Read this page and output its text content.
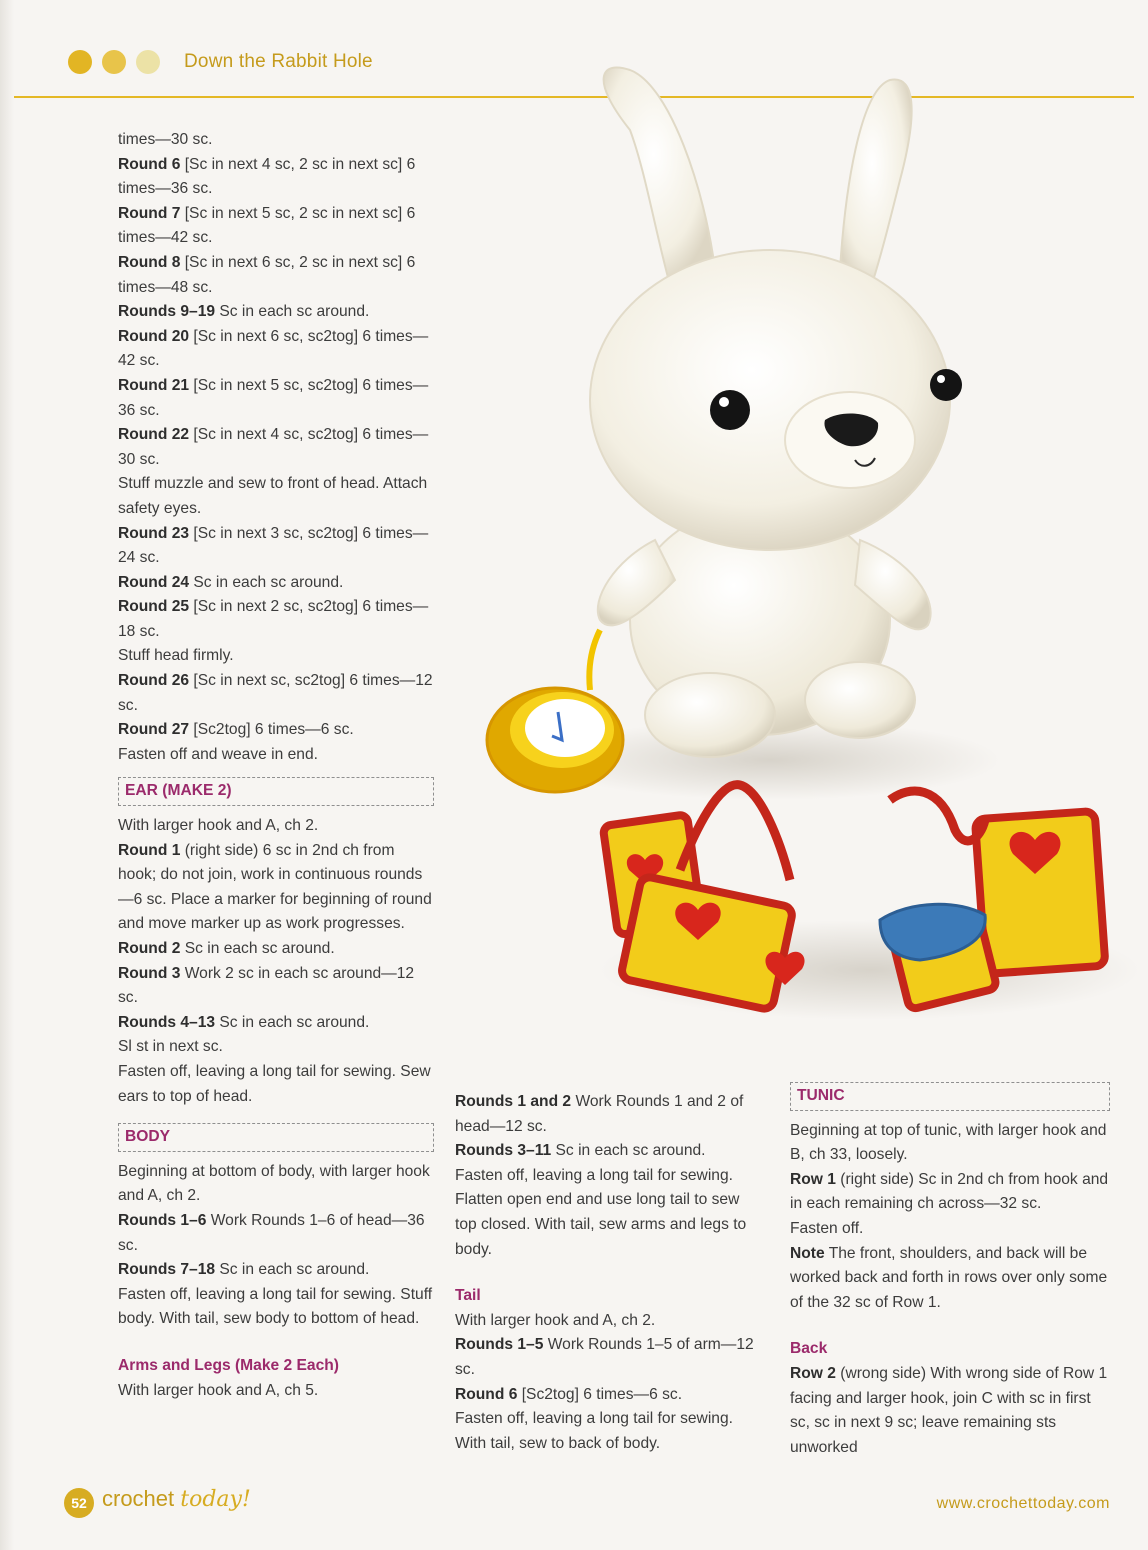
Down the Rabbit Hole

times—30 sc.

Round 6 [Sc in next 4 sc, 2 sc in next sc] 6 times—36 sc.

Round 7 [Sc in next 5 sc, 2 sc in next sc] 6 times—42 sc.

Round 8 [Sc in next 6 sc, 2 sc in next sc] 6 times—48 sc.

Rounds 9–19 Sc in each sc around.

Round 20 [Sc in next 6 sc, sc2tog] 6 times—42 sc.

Round 21 [Sc in next 5 sc, sc2tog] 6 times—36 sc.

Round 22 [Sc in next 4 sc, sc2tog] 6 times—30 sc.

Stuff muzzle and sew to front of head. Attach safety eyes.

Round 23 [Sc in next 3 sc, sc2tog] 6 times—24 sc.

Round 24 Sc in each sc around.

Round 25 [Sc in next 2 sc, sc2tog] 6 times—18 sc.

Stuff head firmly.

Round 26 [Sc in next sc, sc2tog] 6 times—12 sc.

Round 27 [Sc2tog] 6 times—6 sc.

Fasten off and weave in end.

EAR (MAKE 2)

With larger hook and A, ch 2.

Round 1 (right side) 6 sc in 2nd ch from hook; do not join, work in continuous rounds—6 sc. Place a marker for beginning of round and move marker up as work progresses.

Round 2 Sc in each sc around.

Round 3 Work 2 sc in each sc around—12 sc.

Rounds 4–13 Sc in each sc around.

Sl st in next sc.

Fasten off, leaving a long tail for sewing. Sew ears to top of head.

BODY

Beginning at bottom of body, with larger hook and A, ch 2.

Rounds 1–6 Work Rounds 1–6 of head—36 sc.

Rounds 7–18 Sc in each sc around.

Fasten off, leaving a long tail for sewing. Stuff body. With tail, sew body to bottom of head.

Arms and Legs (Make 2 Each)

With larger hook and A, ch 5.

Rounds 1 and 2 Work Rounds 1 and 2 of head—12 sc.

Rounds 3–11 Sc in each sc around.

Fasten off, leaving a long tail for sewing. Flatten open end and use long tail to sew top closed. With tail, sew arms and legs to body.

Tail

With larger hook and A, ch 2.

Rounds 1–5 Work Rounds 1–5 of arm—12 sc.

Round 6 [Sc2tog] 6 times—6 sc.

Fasten off, leaving a long tail for sewing. With tail, sew to back of body.

TUNIC

Beginning at top of tunic, with larger hook and B, ch 33, loosely.

Row 1 (right side) Sc in 2nd ch from hook and in each remaining ch across—32 sc.

Fasten off.

Note The front, shoulders, and back will be worked back and forth in rows over only some of the 32 sc of Row 1.

Back

Row 2 (wrong side) With wrong side of Row 1 facing and larger hook, join C with sc in first sc, sc in next 9 sc; leave remaining sts unworked

52 crochet today!	www.crochettoday.com
